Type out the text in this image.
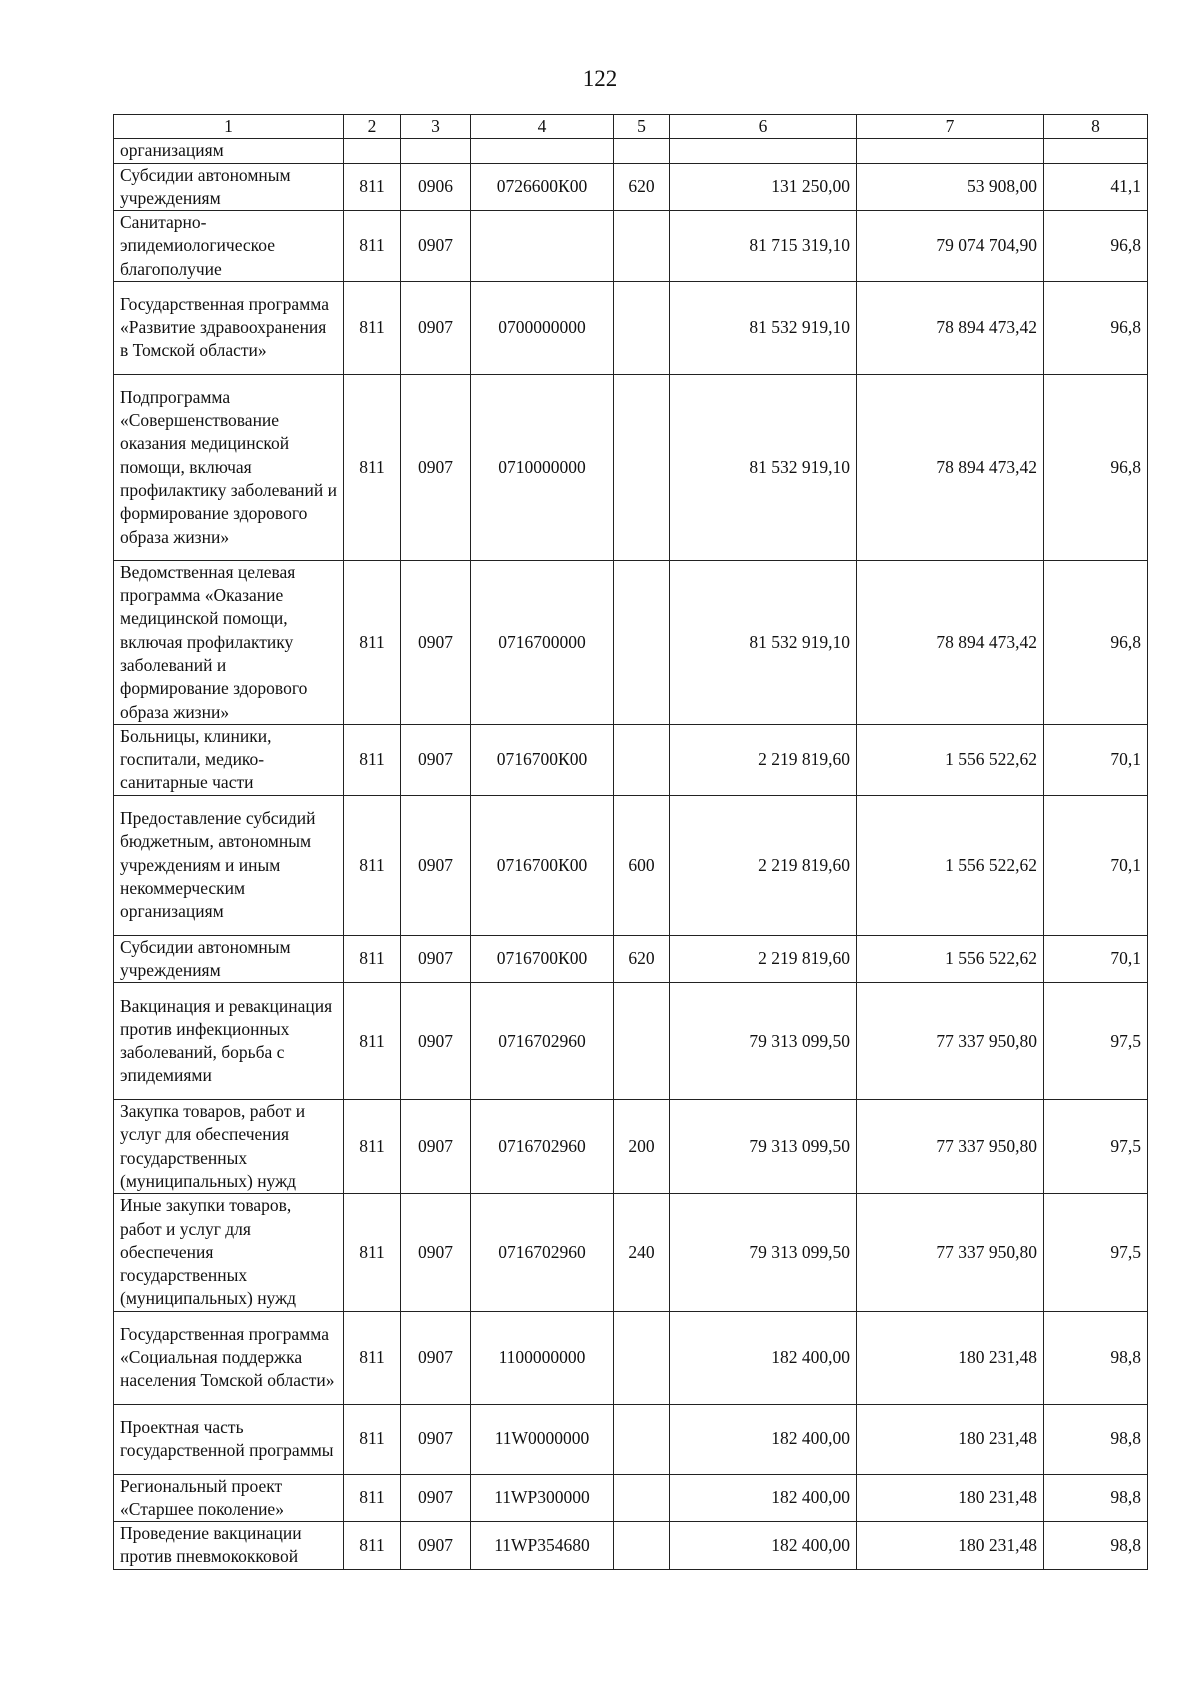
122
1	2	3	4	5	6	7	8
организациям							
Субсидии автономным учреждениям	811	0906	0726600К00	620	131 250,00	53 908,00	41,1
Санитарно-эпидемиологическое благополучие	811	0907			81 715 319,10	79 074 704,90	96,8
Государственная программа «Развитие здравоохранения в Томской области»	811	0907	0700000000		81 532 919,10	78 894 473,42	96,8
Подпрограмма «Совершенствование оказания медицинской помощи, включая профилактику заболеваний и формирование здорового образа жизни»	811	0907	0710000000		81 532 919,10	78 894 473,42	96,8
Ведомственная целевая программа «Оказание медицинской помощи, включая профилактику заболеваний и формирование здорового образа жизни»	811	0907	0716700000		81 532 919,10	78 894 473,42	96,8
Больницы, клиники, госпитали, медико-санитарные части	811	0907	0716700К00		2 219 819,60	1 556 522,62	70,1
Предоставление субсидий бюджетным, автономным учреждениям и иным некоммерческим организациям	811	0907	0716700К00	600	2 219 819,60	1 556 522,62	70,1
Субсидии автономным учреждениям	811	0907	0716700К00	620	2 219 819,60	1 556 522,62	70,1
Вакцинация и ревакцинация против инфекционных заболеваний, борьба с эпидемиями	811	0907	0716702960		79 313 099,50	77 337 950,80	97,5
Закупка товаров, работ и услуг для обеспечения государственных (муниципальных) нужд	811	0907	0716702960	200	79 313 099,50	77 337 950,80	97,5
Иные закупки товаров, работ и услуг для обеспечения государственных (муниципальных) нужд	811	0907	0716702960	240	79 313 099,50	77 337 950,80	97,5
Государственная программа «Социальная поддержка населения Томской области»	811	0907	1100000000		182 400,00	180 231,48	98,8
Проектная часть государственной программы	811	0907	11W0000000		182 400,00	180 231,48	98,8
Региональный проект «Старшее поколение»	811	0907	11WP300000		182 400,00	180 231,48	98,8
Проведение вакцинации против пневмококковой	811	0907	11WP354680		182 400,00	180 231,48	98,8
